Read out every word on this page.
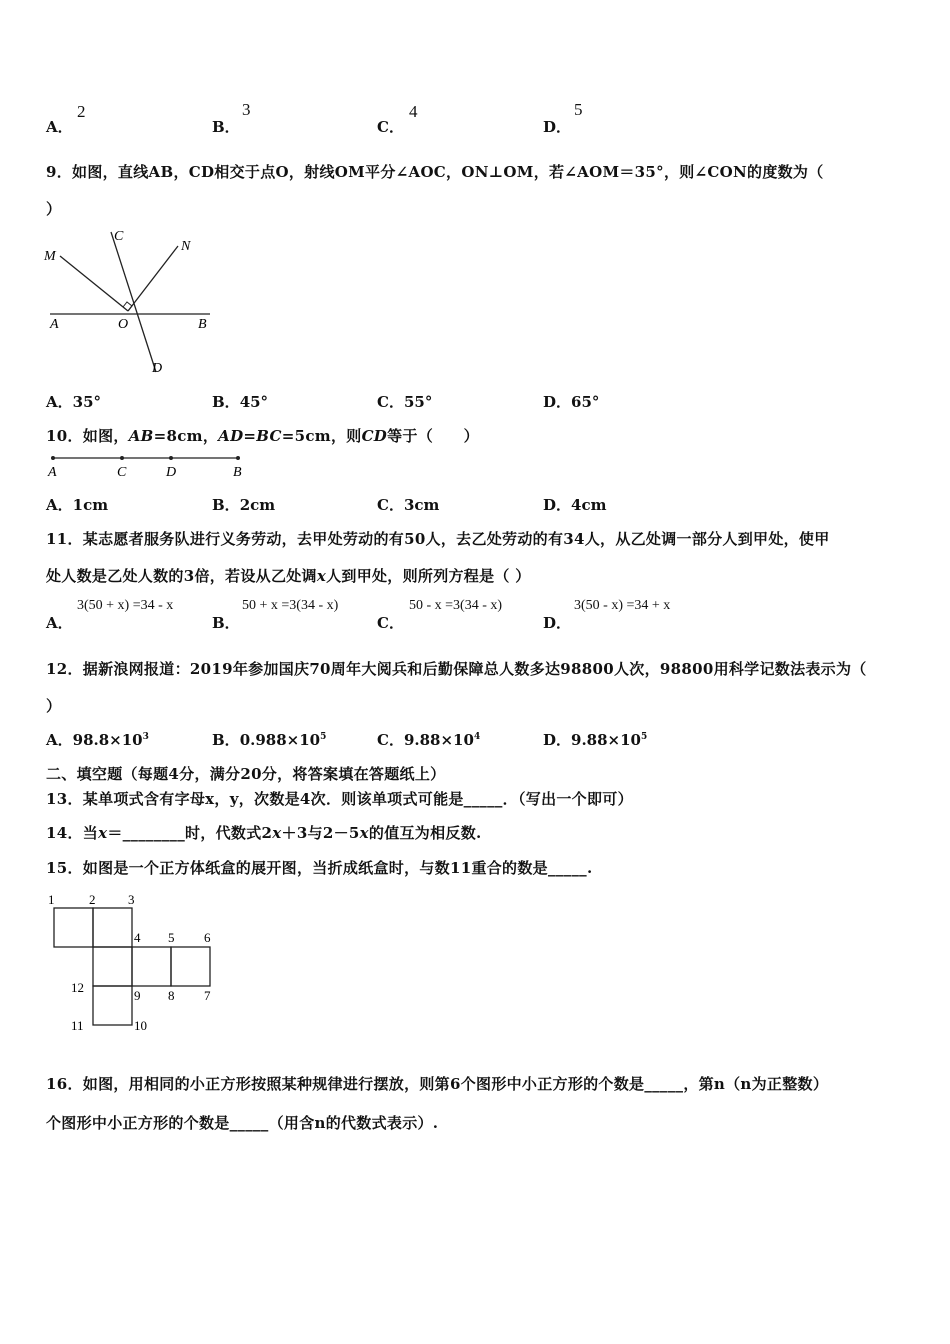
A．
2
B．
3
C．
4
D．
5
9．如图，直线AB，CD相交于点O，射线OM平分∠AOC，ON⊥OM，若∠AOM＝35°，则∠CON的度数为（
）
M
C
N
A	O	B
D
A．35°	B．45°	C．55°	D．65°
10．如图，AB=8cm，AD=BC=5cm，则CD等于（　　）
A	C	D	B
A．1cm	B．2cm	C．3cm	D．4cm
11．某志愿者服务队进行义务劳动，去甲处劳动的有50人，去乙处劳动的有34人，从乙处调一部分人到甲处，使甲
处人数是乙处人数的3倍，若设从乙处调x人到甲处，则所列方程是（ ）
A．
3(50 + x) =34 - x
B．
50 + x =3(34 - x)
C．
50 - x =3(34 - x)
D．
3(50 - x) =34 + x
12．据新浪网报道：2019年参加国庆70周年大阅兵和后勤保障总人数多达98800人次，98800用科学记数法表示为（
）
A．$98.8\times 10^3$	B．$0.988\times 10^5$	C．$9.88\times 10^4$	D．$9.88\times 10^5$
二、填空题（每题4分，满分20分，将答案填在答题纸上）
13．某单项式含有字母x，y，次数是4次．则该单项式可能是_____．（写出一个即可）
14．当x＝________时，代数式2x＋3与2－5x的值互为相反数.
15．如图是一个正方体纸盒的展开图，当折成纸盒时，与数11重合的数是_____.
1	2	3
4 5 6
12
9 8 7
11	10
16．如图，用相同的小正方形按照某种规律进行摆放，则第6个图形中小正方形的个数是_____，第n（n为正整数）
个图形中小正方形的个数是_____（用含n的代数式表示）.
